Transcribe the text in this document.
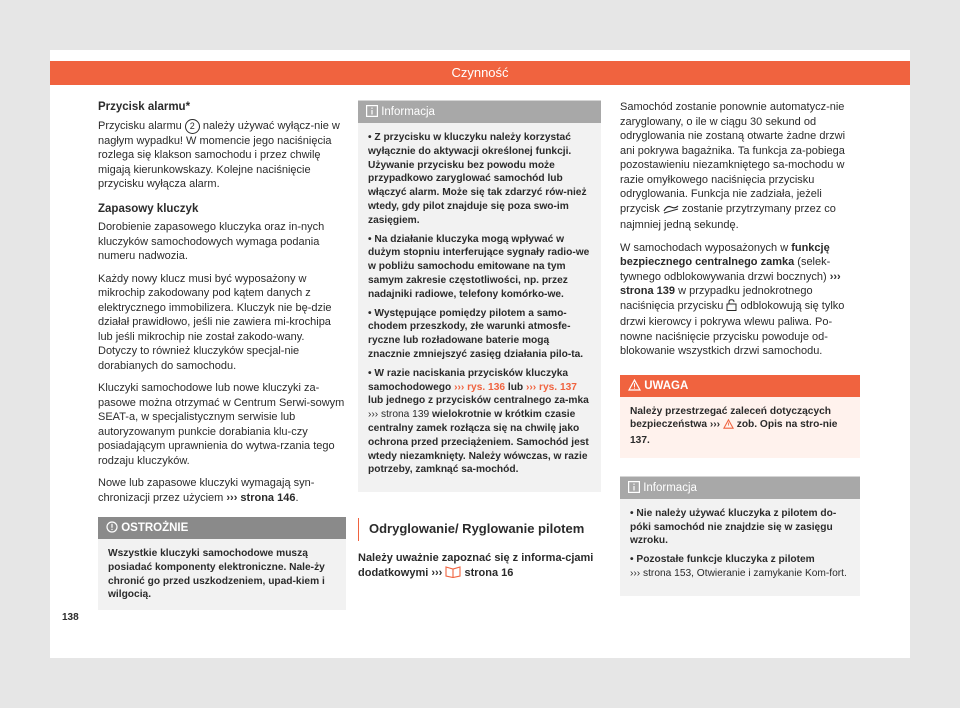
Czynność
Przycisk alarmu*

Przycisku alarmu 2 należy używać wyłącz-nie w nagłym wypadku! W momencie jego naciśnięcia rozlega się klakson samochodu i przez chwilę migają kierunkowskazy. Kolejne naciśnięcie przycisku wyłącza alarm.

Zapasowy kluczyk

Dorobienie zapasowego kluczyka oraz in-nych kluczyków samochodowych wymaga podania numeru nadwozia.

Każdy nowy klucz musi być wyposażony w mikrochip zakodowany pod kątem danych z elektrycznego immobilizera. Kluczyk nie bę-dzie działał prawidłowo, jeśli nie zawiera mi-krochipa lub jeśli mikrochip nie został zakodo-wany. Dotyczy to również kluczyków specjal-nie dorabianych do samochodu.

Kluczyki samochodowe lub nowe kluczyki za-pasowe można otrzymać w Centrum Serwi-sowym SEAT-a, w specjalistycznym serwisie lub autoryzowanym punkcie dorabiania klu-czy posiadającym uprawnienia do wytwa-rzania tego rodzaju kluczyków.

Nowe lub zapasowe kluczyki wymagają syn-chronizacji przez użyciem ››› strona 146.

OSTROŻNIE
Wszystkie kluczyki samochodowe muszą posiadać komponenty elektroniczne. Nale-ży chronić go przed uszkodzeniem, upad-kiem i wilgocią.
Informacja
• Z przycisku w kluczyku należy korzystać wyłącznie do aktywacji określonej funkcji. Używanie przycisku bez powodu może przypadkowo zaryglować samochód lub włączyć alarm. Może się tak zdarzyć rów-nież wtedy, gdy pilot znajduje się poza swo-im zasięgiem.
• Na działanie kluczyka mogą wpływać w dużym stopniu interferujące sygnały radio-we w pobliżu samochodu emitowane na tym samym zakresie częstotliwości, np. przez nadajniki radiowe, telefony komórko-we.
• Występujące pomiędzy pilotem a samo-chodem przeszkody, złe warunki atmosfe-ryczne lub rozładowane baterie mogą znacznie zmniejszyć zasięg działania pilo-ta.
• W razie naciskania przycisków kluczyka samochodowego ››› rys. 136 lub ››› rys. 137 lub jednego z przycisków centralnego za-mka ››› strona 139 wielokrotnie w krótkim czasie centralny zamek rozłącza się na chwilę jako ochrona przed przeciążeniem. Samochód jest wtedy niezamknięty. Należy wówczas, w razie potrzeby, zamknąć sa-mochód.
Odryglowanie/ Ryglowanie pilotem

Należy uważnie zapoznać się z informa-cjami dodatkowymi ››› strona 16

Samochód zostanie ponownie automatycz-nie zaryglowany, o ile w ciągu 30 sekund od odryglowania nie zostaną otwarte żadne drzwi ani pokrywa bagażnika. Ta funkcja za-pobiega pozostawieniu niezamkniętego sa-mochodu w razie omyłkowego naciśnięcia przycisku odryglowania. Funkcja nie zadziała, jeżeli przycisk zostanie przytrzymany przez co najmniej jedną sekundę.

W samochodach wyposażonych w funkcję bezpiecznego centralnego zamka (selek-tywnego odblokowywania drzwi bocznych) ››› strona 139 w przypadku jednokrotnego naciśnięcia przycisku odblokowują się tylko drzwi kierowcy i pokrywa wlewu paliwa. Po-nowne naciśnięcie przycisku powoduje od-blokowanie wszystkich drzwi samochodu.

UWAGA
Należy przestrzegać zaleceń dotyczących bezpieczeństwa ››› zob. Opis na stro-nie 137.
Informacja
• Nie należy używać kluczyka z pilotem do-póki samochód nie znajdzie się w zasięgu wzroku.
• Pozostałe funkcje kluczyka z pilotem
››› strona 153, Otwieranie i zamykanie Kom-fort.
138
